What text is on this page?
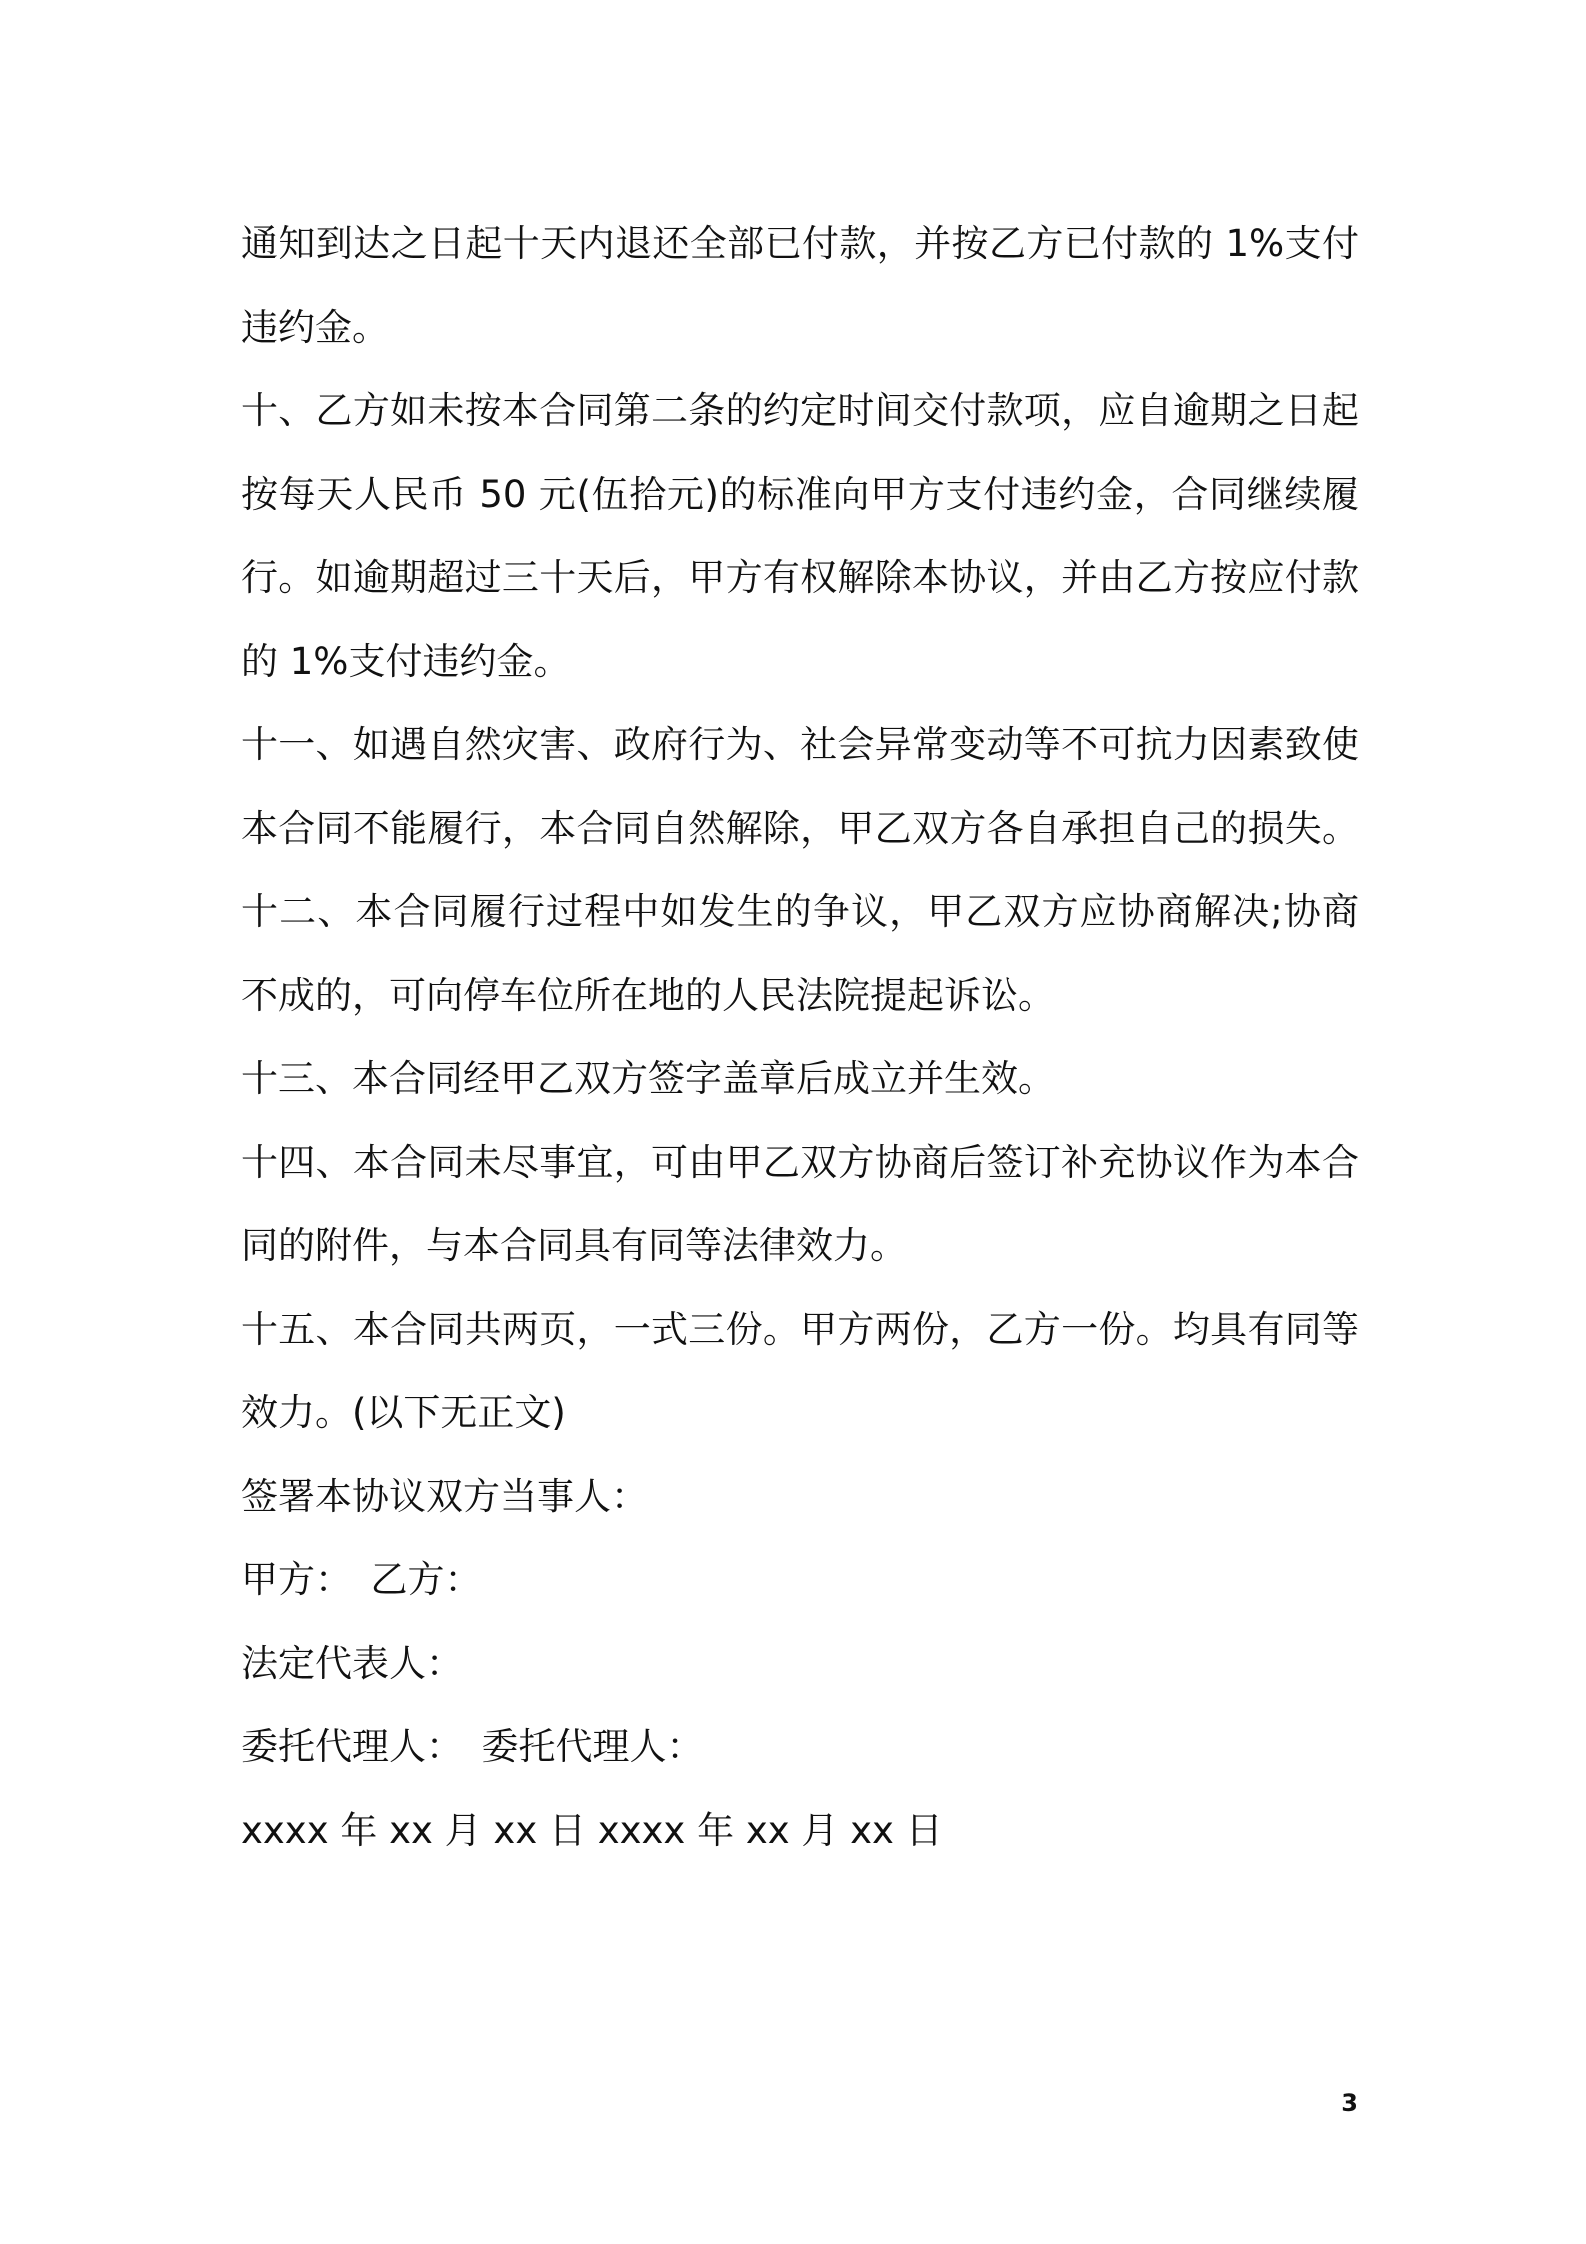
通知到达之日起十天内退还全部已付款，并按乙方已付款的 1%支付
违约金。
十、乙方如未按本合同第二条的约定时间交付款项，应自逾期之日起
按每天人民币 50 元(伍拾元)的标准向甲方支付违约金，合同继续履
行。如逾期超过三十天后，甲方有权解除本协议，并由乙方按应付款
的 1%支付违约金。
十一、如遇自然灾害、政府行为、社会异常变动等不可抗力因素致使
本合同不能履行，本合同自然解除，甲乙双方各自承担自己的损失。
十二、本合同履行过程中如发生的争议，甲乙双方应协商解决;协商
不成的，可向停车位所在地的人民法院提起诉讼。
十三、本合同经甲乙双方签字盖章后成立并生效。
十四、本合同未尽事宜，可由甲乙双方协商后签订补充协议作为本合
同的附件，与本合同具有同等法律效力。
十五、本合同共两页，一式三份。甲方两份，乙方一份。均具有同等
效力。(以下无正文)
签署本协议双方当事人：
甲方：　乙方：
法定代表人：
委托代理人：　委托代理人：
xxxx 年 xx 月 xx 日 xxxx 年 xx 月 xx 日
3
